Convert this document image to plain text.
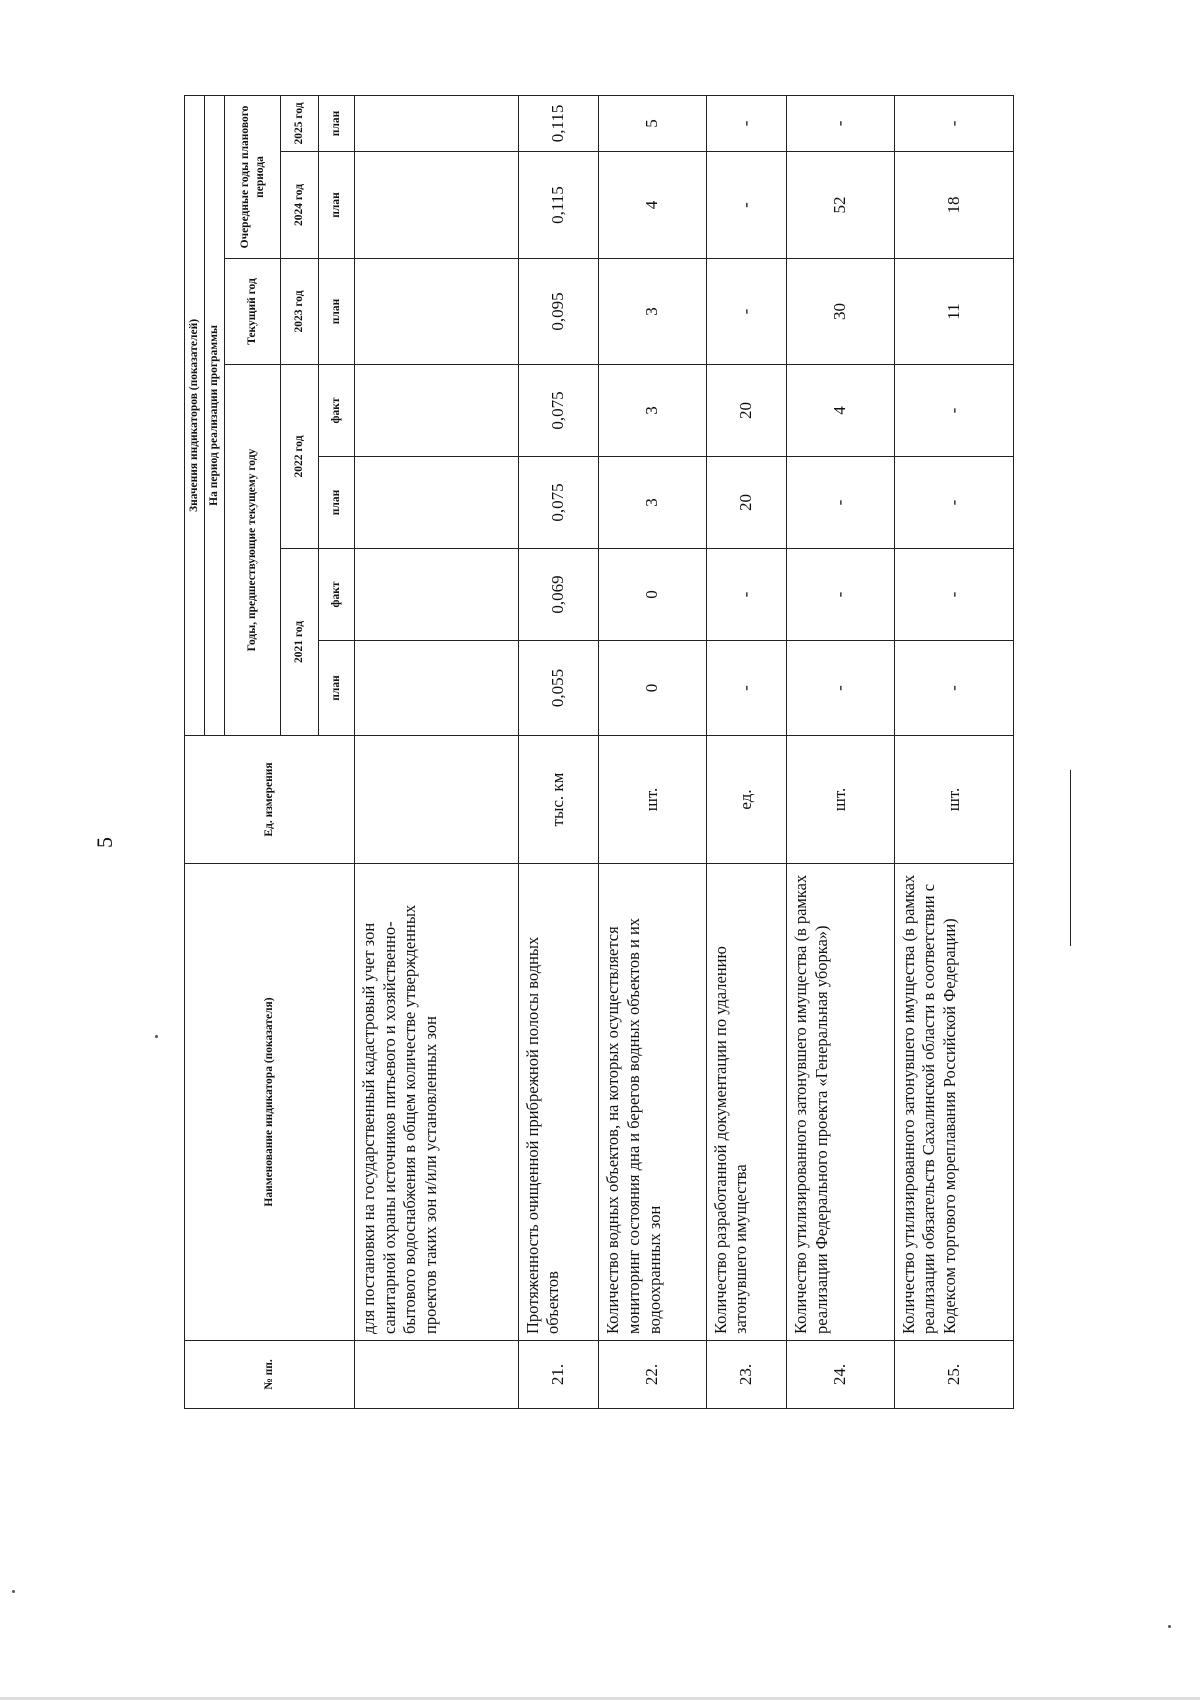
5
№ пп.	Наименование индикатора (показателя)	Ед. измерения	Значения индикаторов (показателей)						
			На период реализации программы						
			Годы, предшествующие текущему году				Текущий год	Очередные годы планового периода	
			2021 год		2022 год		2023 год	2024 год	2025 год
			план	факт	план	факт	план	план	план
	для постановки на государственный кадастровый учет зон санитарной охраны источников питьевого и хозяйственно-бытового водоснабжения в общем количестве утвержденных проектов таких зон и/или установленных зон								
21.	Протяженность очищенной прибрежной полосы водных объектов	тыс. км	0,055	0,069	0,075	0,075	0,095	0,115	0,115
22.	Количество водных объектов, на которых осуществляется мониторинг состояния дна и берегов водных объектов и их водоохранных зон	шт.	0	0	3	3	3	4	5
23.	Количество разработанной документации по удалению затонувшего имущества	ед.	-	-	20	20	-	-	-
24.	Количество утилизированного затонувшего имущества (в рамках реализации Федерального проекта «Генеральная уборка»)	шт.	-	-	-	4	30	52	-
25.	Количество утилизированного затонувшего имущества (в рамках реализации обязательств Сахалинской области в соответствии с Кодексом торгового мореплавания Российской Федерации)	шт.	-	-	-	-	11	18	-
